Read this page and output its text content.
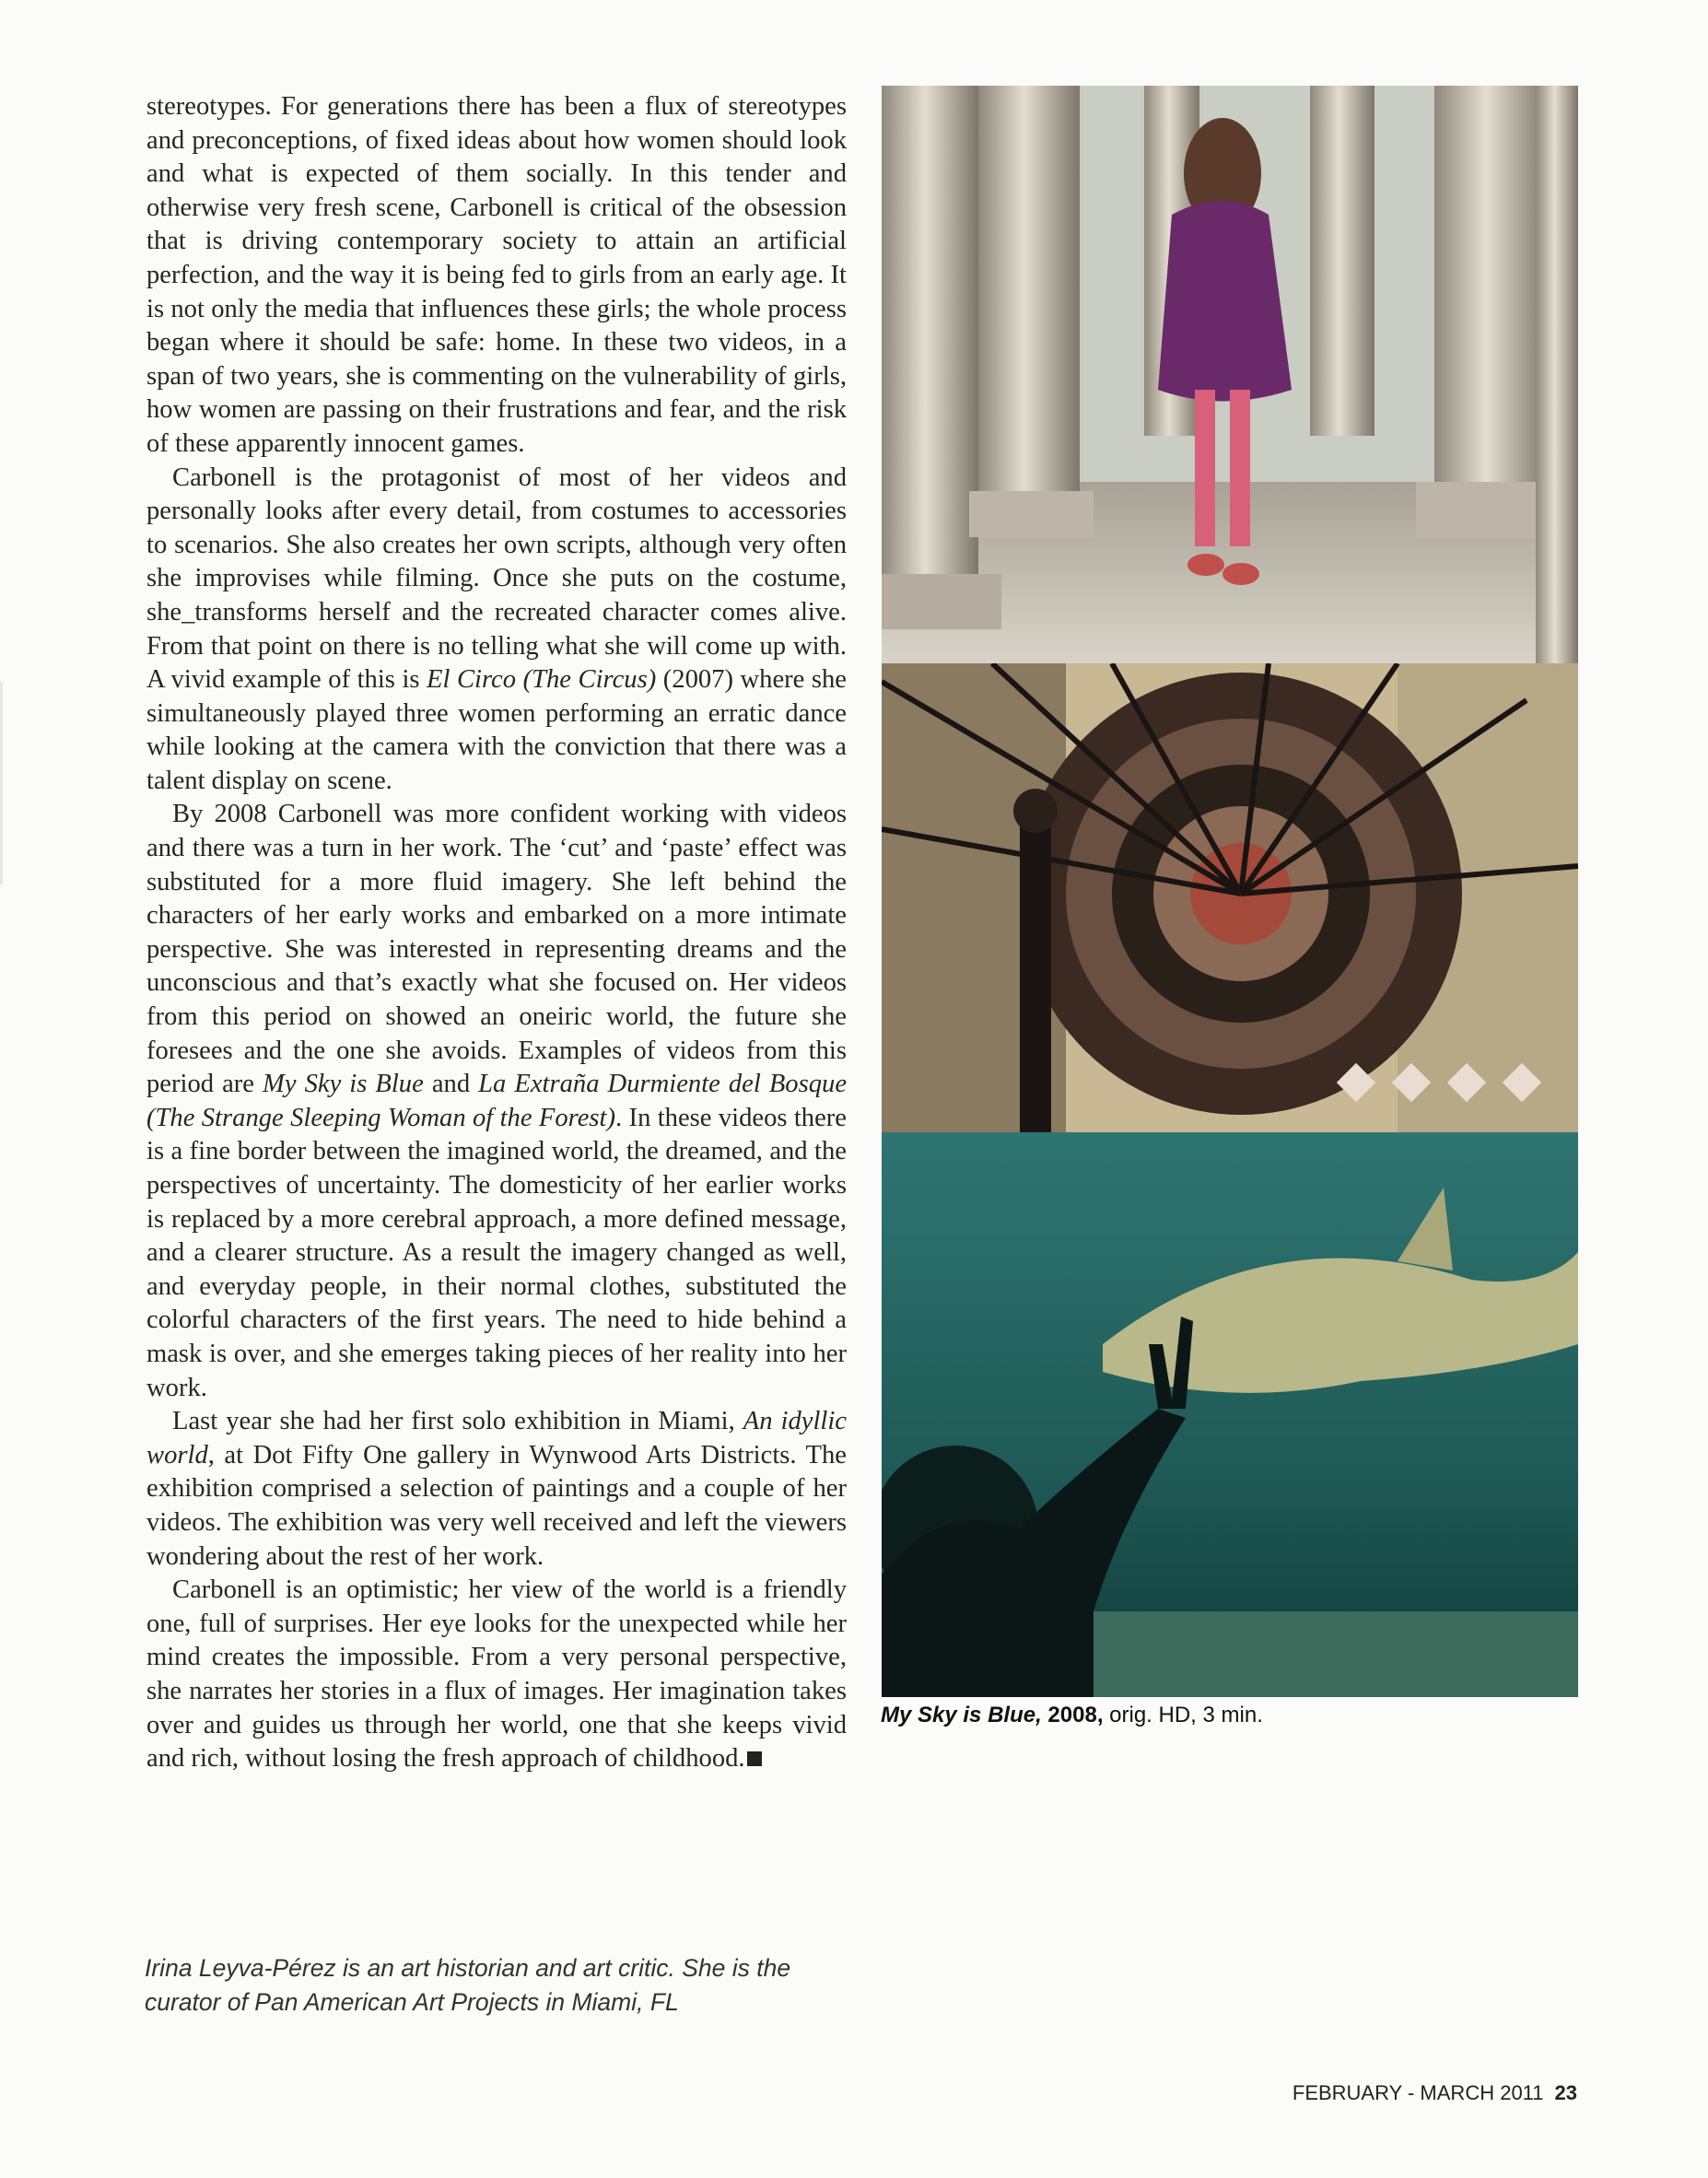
stereotypes. For generations there has been a flux of stereotypes and preconceptions, of fixed ideas about how women should look and what is expected of them socially. In this tender and otherwise very fresh scene, Carbonell is critical of the obsession that is driving contemporary society to attain an artificial perfection, and the way it is being fed to girls from an early age. It is not only the media that influences these girls; the whole process began where it should be safe: home. In these two videos, in a span of two years, she is commenting on the vulnerability of girls, how women are passing on their frustrations and fear, and the risk of these apparently innocent games.

Carbonell is the protagonist of most of her videos and personally looks after every detail, from costumes to accessories to scenarios. She also creates her own scripts, although very often she improvises while filming. Once she puts on the costume, she_transforms herself and the recreated character comes alive. From that point on there is no telling what she will come up with. A vivid example of this is El Circo (The Circus) (2007) where she simultaneously played three women performing an erratic dance while looking at the camera with the conviction that there was a talent display on scene.

By 2008 Carbonell was more confident working with videos and there was a turn in her work. The ‘cut’ and ‘paste’ effect was substituted for a more fluid imagery. She left behind the characters of her early works and embarked on a more intimate perspective. She was interested in representing dreams and the unconscious and that’s exactly what she focused on. Her videos from this period on showed an oneiric world, the future she foresees and the one she avoids. Examples of videos from this period are My Sky is Blue and La Extraña Durmiente del Bosque (The Strange Sleeping Woman of the Forest). In these videos there is a fine border between the imagined world, the dreamed, and the perspectives of uncertainty. The domesticity of her earlier works is replaced by a more cerebral approach, a more defined message, and a clearer structure. As a result the imagery changed as well, and everyday people, in their normal clothes, substituted the colorful characters of the first years. The need to hide behind a mask is over, and she emerges taking pieces of her reality into her work.

Last year she had her first solo exhibition in Miami, An idyllic world, at Dot Fifty One gallery in Wynwood Arts Districts. The exhibition comprised a selection of paintings and a couple of her videos. The exhibition was very well received and left the viewers wondering about the rest of her work.

Carbonell is an optimistic; her view of the world is a friendly one, full of surprises. Her eye looks for the unexpected while her mind creates the impossible. From a very personal perspective, she narrates her stories in a flux of images. Her imagination takes over and guides us through her world, one that she keeps vivid and rich, without losing the fresh approach of childhood.

My Sky is Blue, 2008, orig. HD, 3 min.
Irina Leyva-Pérez is an art historian and art critic. She is the curator of Pan American Art Projects in Miami, FL
FEBRUARY - MARCH 2011 23
